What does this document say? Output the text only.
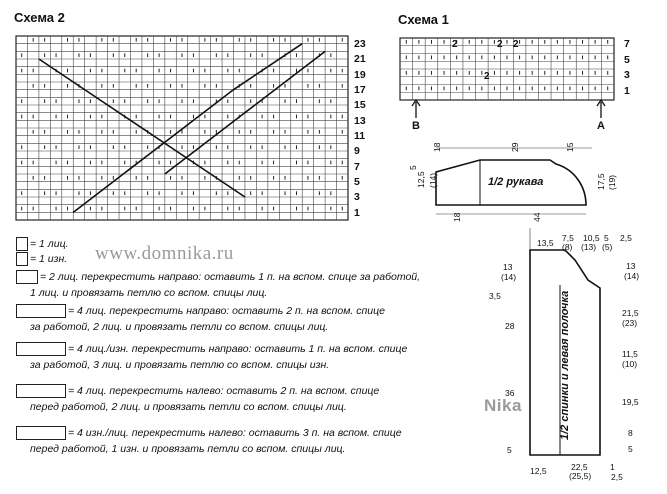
Схема 2
23
21
19
17
15
13
11
9
7
5
3
1
Схема 1
7
5
3
1
B	A
2	2 2
2
1/2 рукава
18	29	15
18	44
5
12,5 (14)	17,5 (19)
1/2 спинки и левая полочка
13,5 7,5
(8)
10,5
(13)
5
(5)
2,5
13
(14)
3,5
28
36
5
13
(14)
21,5
(23)
11,5
(10)
19,5
8
5
12,5	22,5
(25,5)
1
2,5
www.domnika.ru
Nika
= 1 лиц.
= 1 изн.
= 2 лиц. перекрестить направо: оставить 1 п. на вспом. спице за работой,
1 лиц. и провязать петлю со вспом. спицы лиц.
= 4 лиц. перекрестить направо: оставить 2 п. на вспом. спице
за работой, 2 лиц. и провязать петли со вспом. спицы лиц.
= 4 лиц./изн. перекрестить направо: оставить 1 п. на вспом. спице
за работой, 3 лиц. и провязать петлю со вспом. спицы изн.
= 4 лиц. перекрестить налево: оставить 2 п. на вспом. спице
перед работой, 2 лиц. и провязать петли со вспом. спицы лиц.
= 4 изн./лиц. перекрестить налево: оставить 3 п. на вспом. спице
перед работой, 1 изн. и провязать петли со вспом. спицы лиц.
